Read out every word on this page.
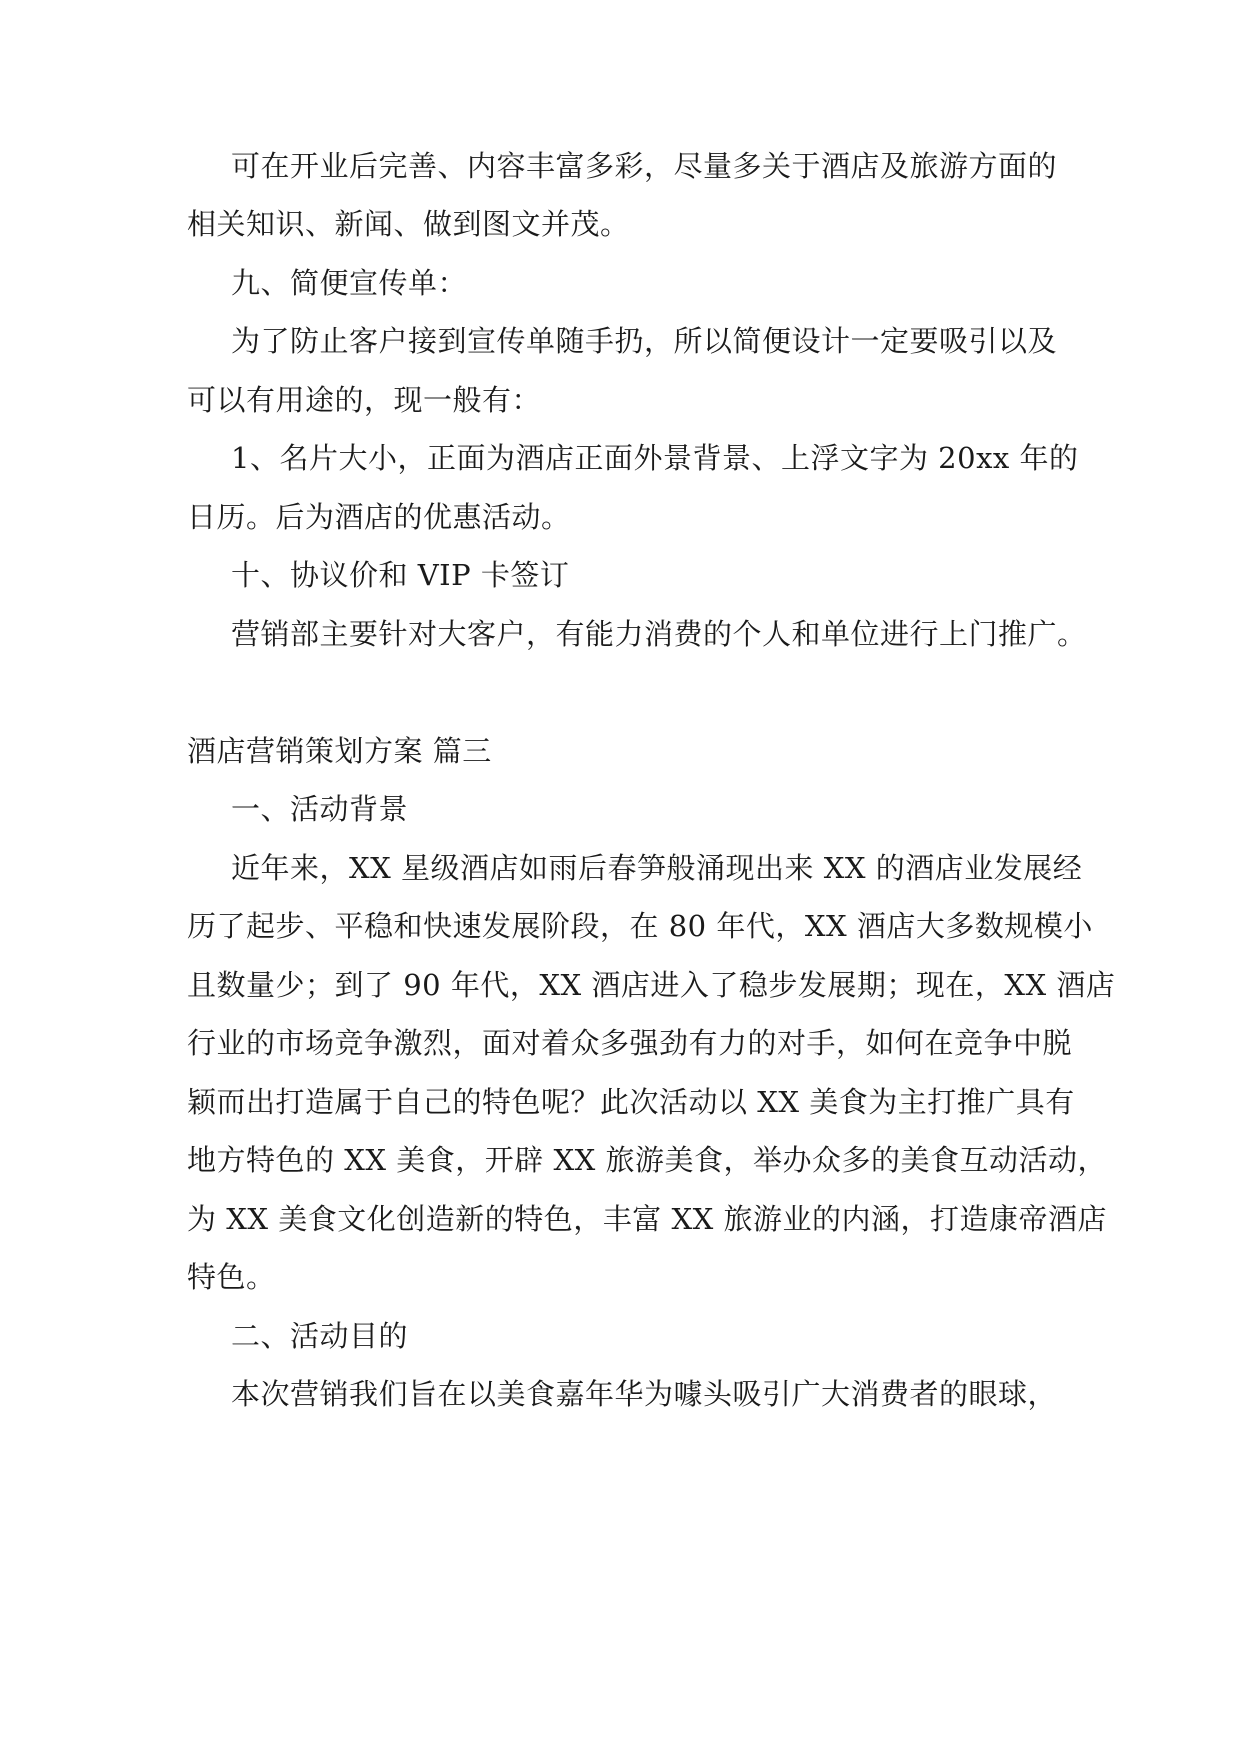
可在开业后完善、内容丰富多彩，尽量多关于酒店及旅游方面的
相关知识、新闻、做到图文并茂。
九、简便宣传单：
为了防止客户接到宣传单随手扔，所以简便设计一定要吸引以及
可以有用途的，现一般有：
1、名片大小，正面为酒店正面外景背景、上浮文字为 20xx 年的
日历。后为酒店的优惠活动。
十、协议价和 VIP 卡签订
营销部主要针对大客户，有能力消费的个人和单位进行上门推广。
酒店营销策划方案 篇三
一、活动背景
近年来，XX 星级酒店如雨后春笋般涌现出来 XX 的酒店业发展经
历了起步、平稳和快速发展阶段，在 80 年代，XX 酒店大多数规模小
且数量少；到了 90 年代，XX 酒店进入了稳步发展期；现在，XX 酒店
行业的市场竞争激烈，面对着众多强劲有力的对手，如何在竞争中脱
颖而出打造属于自己的特色呢？此次活动以 XX 美食为主打推广具有
地方特色的 XX 美食，开辟 XX 旅游美食，举办众多的美食互动活动，
为 XX 美食文化创造新的特色，丰富 XX 旅游业的内涵，打造康帝酒店
特色。
二、活动目的
本次营销我们旨在以美食嘉年华为噱头吸引广大消费者的眼球，
